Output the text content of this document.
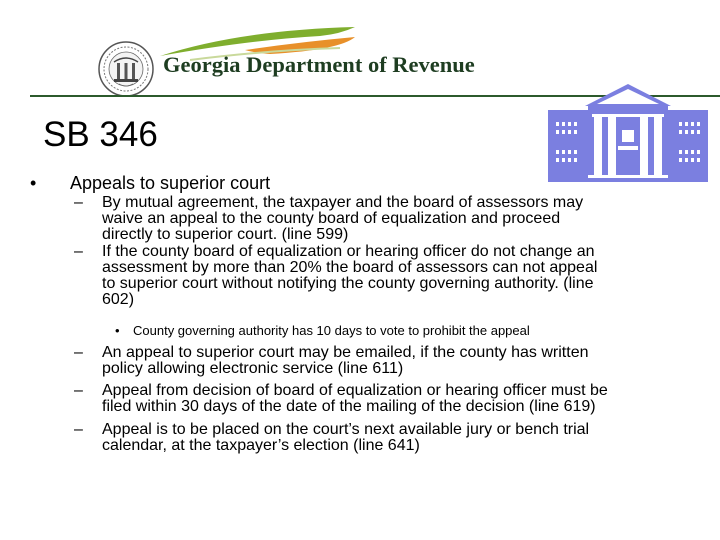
Georgia Department of Revenue
SB 346
• Appeals to superior court
– By mutual agreement, the taxpayer and the board of assessors may
waive an appeal to the county board of equalization and proceed
directly to superior court. (line 599)
– If the county board of equalization or hearing officer do not change an
assessment by more than 20% the board of assessors can not appeal
to superior court without notifying the county governing authority. (line
602)
• County governing authority has 10 days to vote to prohibit the appeal
– An appeal to superior court may be emailed, if the county has written
policy allowing electronic service (line 611)
– Appeal from decision of board of equalization or hearing officer must be
filed within 30 days of the date of the mailing of the decision (line 619)
– Appeal is to be placed on the court’s next available jury or bench trial
calendar, at the taxpayer’s election (line 641)
